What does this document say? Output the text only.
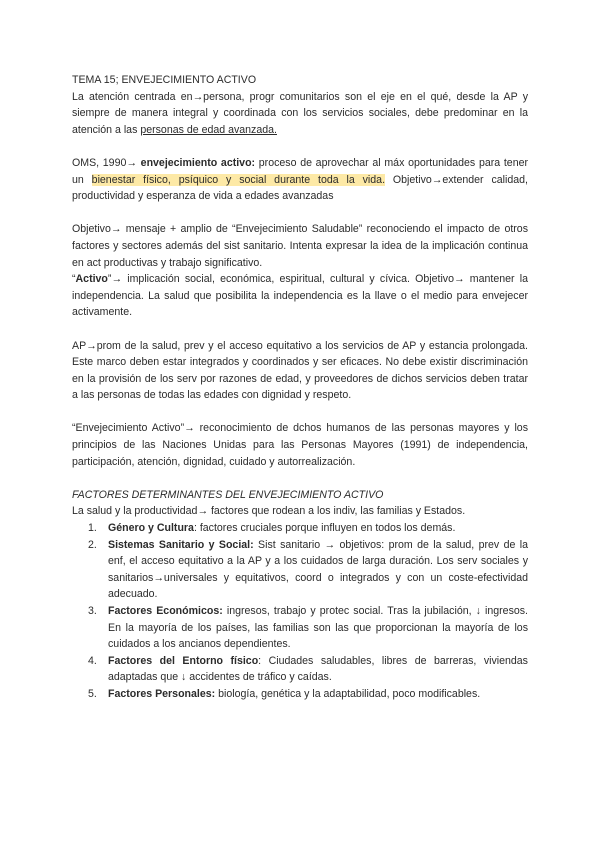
TEMA 15; ENVEJECIMIENTO ACTIVO

La atención centrada en→persona, progr comunitarios son el eje en el qué, desde la AP y siempre de manera integral y coordinada con los servicios sociales, debe predominar en la atención a las personas de edad avanzada.

OMS, 1990→ envejecimiento activo: proceso de aprovechar al máx oportunidades para tener un bienestar físico, psíquico y social durante toda la vida. Objetivo→extender calidad, productividad y esperanza de vida a edades avanzadas

Objetivo→ mensaje + amplio de “Envejecimiento Saludable” reconociendo el impacto de otros factores y sectores además del sist sanitario. Intenta expresar la idea de la implicación continua en act productivas y trabajo significativo.

“Activo”→ implicación social, económica, espiritual, cultural y cívica. Objetivo→ mantener la independencia. La salud que posibilita la independencia es la llave o el medio para envejecer activamente.

AP→prom de la salud, prev y el acceso equitativo a los servicios de AP y estancia prolongada. Este marco deben estar integrados y coordinados y ser eficaces. No debe existir discriminación en la provisión de los serv por razones de edad, y proveedores de dichos servicios deben tratar a las personas de todas las edades con dignidad y respeto.

“Envejecimiento Activo”→ reconocimiento de dchos humanos de las personas mayores y los principios de las Naciones Unidas para las Personas Mayores (1991) de independencia, participación, atención, dignidad, cuidado y autorrealización.

FACTORES DETERMINANTES DEL ENVEJECIMIENTO ACTIVO

La salud y la productividad→ factores que rodean a los indiv, las familias y Estados.

1. Género y Cultura: factores cruciales porque influyen en todos los demás.
2. Sistemas Sanitario y Social: Sist sanitario → objetivos: prom de la salud, prev de la enf, el acceso equitativo a la AP y a los cuidados de larga duración. Los serv sociales y sanitarios→universales y equitativos, coord o integrados y con un coste-efectividad adecuado.
3. Factores Económicos: ingresos, trabajo y protec social. Tras la jubilación, ↓ ingresos. En la mayoría de los países, las familias son las que proporcionan la mayoría de los cuidados a los ancianos dependientes.
4. Factores del Entorno físico: Ciudades saludables, libres de barreras, viviendas adaptadas que ↓ accidentes de tráfico y caídas.
5. Factores Personales: biología, genética y la adaptabilidad, poco modificables.
